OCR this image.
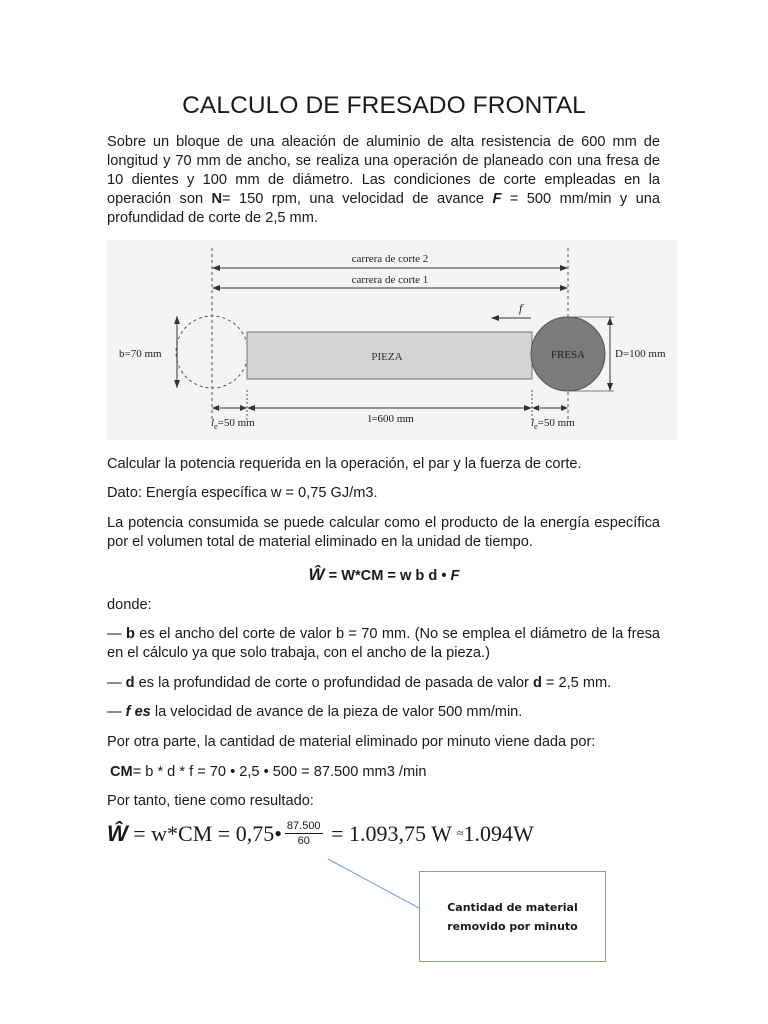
CALCULO DE FRESADO FRONTAL

Sobre un bloque de una aleación de aluminio de alta resistencia de 600 mm de longitud y 70 mm de ancho, se realiza una operación de planeado con una fresa de 10 dientes y 100 mm de diámetro. Las condiciones de corte empleadas en la operación son N= 150 rpm, una velocidad de avance F = 500 mm/min y una profundidad de corte de 2,5 mm.

carrera de corte 2
carrera de corte 1
f
PIEZA	FRESA
b=70 mm	D=100 mm
$l_e=50$ mm	l=600 mm	$l_e=50$ mm

Calcular la potencia requerida en la operación, el par y la fuerza de corte.

Dato: Energía específica w = 0,75 GJ/m3.

La potencia consumida se puede calcular como el producto de la energía específica por el volumen total de material eliminado en la unidad de tiempo.

Ŵ = W*CM = w b d • F

donde:

— b es el ancho del corte de valor b = 70 mm. (No se emplea el diámetro de la fresa en el cálculo ya que solo trabaja, con el ancho de la pieza.)

— d es la profundidad de corte o profundidad de pasada de valor d = 2,5 mm.

— f es la velocidad de avance de la pieza de valor 500 mm/min.

Por otra parte, la cantidad de material eliminado por minuto viene dada por:

CM= b * d * f = 70 • 2,5 • 500 = 87.500 mm3 /min

Por tanto, tiene como resultado:

Ŵ = w*CM = 0,75• $\frac{87.500}{60} = 1.093,75$ W ≈ 1.094W
Cantidad de material
removido por minuto
